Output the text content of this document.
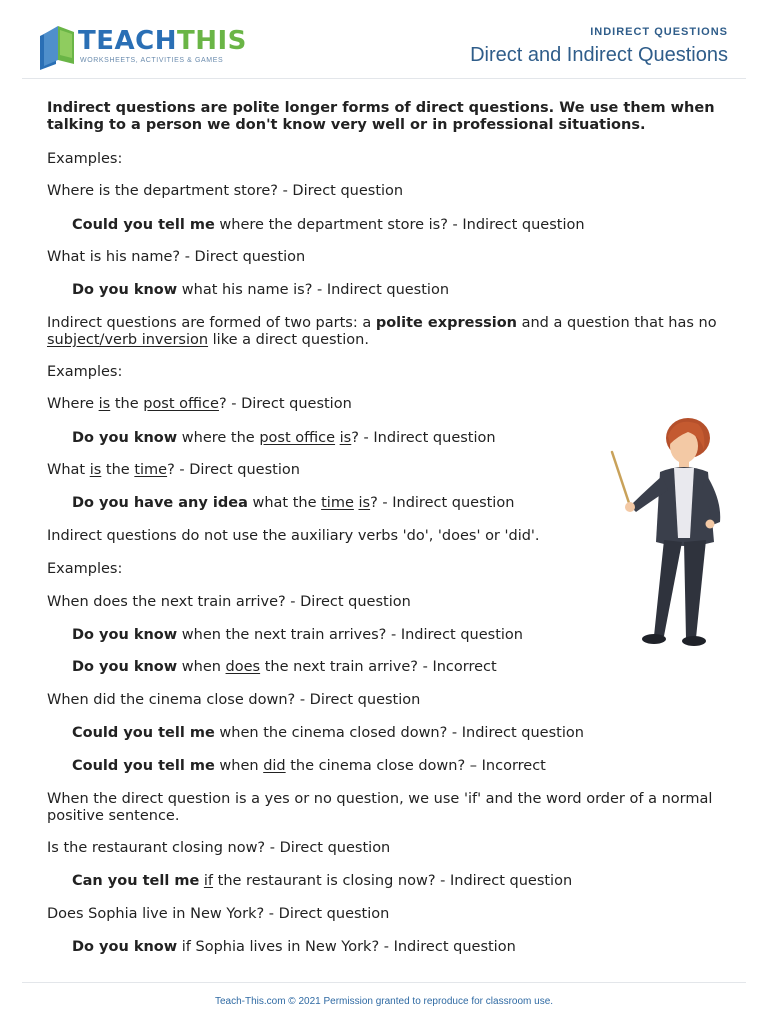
TEACHTHIS
WORKSHEETS, ACTIVITIES & GAMES
INDIRECT QUESTIONS
Direct and Indirect Questions

Indirect questions are polite longer forms of direct questions. We use them when talking to a person we don't know very well or in professional situations.

Examples:

Where is the department store? - Direct question

Could you tell me where the department store is? - Indirect question

What is his name? - Direct question

Do you know what his name is? - Indirect question

Indirect questions are formed of two parts: a polite expression and a question that has no subject/verb inversion like a direct question.

Examples:

Where is the post office? - Direct question

Do you know where the post office is? - Indirect question

What is the time? - Direct question

Do you have any idea what the time is? - Indirect question

Indirect questions do not use the auxiliary verbs 'do', 'does' or 'did'.

Examples:

When does the next train arrive? - Direct question

Do you know when the next train arrives? - Indirect question

Do you know when does the next train arrive? - Incorrect

When did the cinema close down? - Direct question

Could you tell me when the cinema closed down? - Indirect question

Could you tell me when did the cinema close down? – Incorrect

When the direct question is a yes or no question, we use 'if' and the word order of a normal positive sentence.

Is the restaurant closing now? - Direct question

Can you tell me if the restaurant is closing now? - Indirect question

Does Sophia live in New York? - Direct question

Do you know if Sophia lives in New York? - Indirect question

Teach-This.com © 2021 Permission granted to reproduce for classroom use.
